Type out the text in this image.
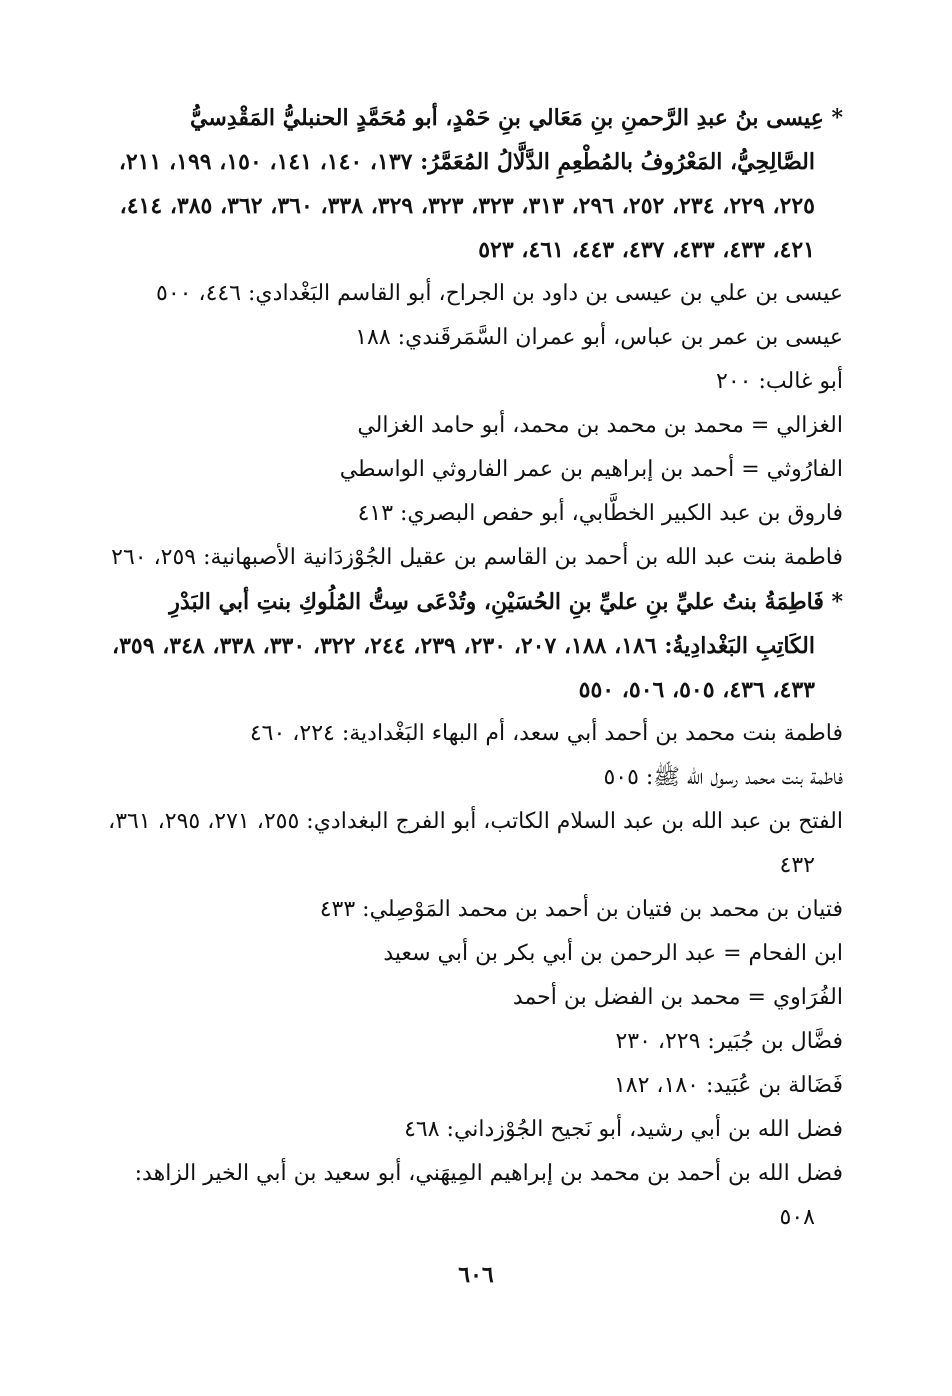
* عِيسى بنُ عبدِ الرَّحمنِ بنِ مَعَالي بنِ حَمْدٍ، أبو مُحَمَّدٍ الحنبليُّ المَقْدِسيُّ الصَّالِحِيُّ، المَعْرُوفُ بالمُطْعِمِ الدَّلَّالُ المُعَمَّرُ: ١٣٧، ١٤٠، ١٤١، ١٥٠، ١٩٩، ٢١١، ٢٢٥، ٢٢٩، ٢٣٤، ٢٥٢، ٢٩٦، ٣١٣، ٣٢٣، ٣٢٣، ٣٢٩، ٣٣٨، ٣٦٠، ٣٦٢، ٣٨٥، ٤١٤، ٤٢١، ٤٣٣، ٤٣٣، ٤٣٧، ٤٤٣، ٤٦١، ٥٢٣

عيسى بن علي بن عيسى بن داود بن الجراح، أبو القاسم البَغْدادي: ٤٤٦، ٥٠٠

عيسى بن عمر بن عباس، أبو عمران السَّمَرقَندي: ١٨٨

أبو غالب: ٢٠٠

الغزالي = محمد بن محمد بن محمد، أبو حامد الغزالي

الفارُوثي = أحمد بن إبراهيم بن عمر الفاروثي الواسطي

فاروق بن عبد الكبير الخطَّابي، أبو حفص البصري: ٤١٣

فاطمة بنت عبد الله بن أحمد بن القاسم بن عقيل الجُوْزدَانية الأصبهانية: ٢٥٩، ٢٦٠

* فَاطِمَةُ بنتُ عليِّ بنِ عليِّ بنِ الحُسَيْنِ، وتُدْعَى سِتُّ المُلُوكِ بنتِ أبي البَدْرِ الكَاتِبِ البَغْدادِيةُ: ١٨٦، ١٨٨، ٢٠٧، ٢٣٠، ٢٣٩، ٢٤٤، ٣٢٢، ٣٣٠، ٣٣٨، ٣٤٨، ٣٥٩، ٤٣٣، ٤٣٦، ٥٠٥، ٥٠٦، ٥٥٠

فاطمة بنت محمد بن أحمد أبي سعد، أم البهاء البَغْدادية: ٢٢٤، ٤٦٠

فاطمة بنت محمد رسول الله ﷺ: ٥٠٥

الفتح بن عبد الله بن عبد السلام الكاتب، أبو الفرج البغدادي: ٢٥٥، ٢٧١، ٢٩٥، ٣٦١، ٤٣٢

فتيان بن محمد بن فتيان بن أحمد بن محمد المَوْصِلي: ٤٣٣

ابن الفحام = عبد الرحمن بن أبي بكر بن أبي سعيد

الفُرَاوي = محمد بن الفضل بن أحمد

فضَّال بن جُبَير: ٢٢٩، ٢٣٠

فَضَالة بن عُبَيد: ١٨٠، ١٨٢

فضل الله بن أبي رشيد، أبو نَجيح الجُوْزداني: ٤٦٨

فضل الله بن أحمد بن محمد بن إبراهيم المِيهَني، أبو سعيد بن أبي الخير الزاهد: ٥٠٨

٦٠٦
